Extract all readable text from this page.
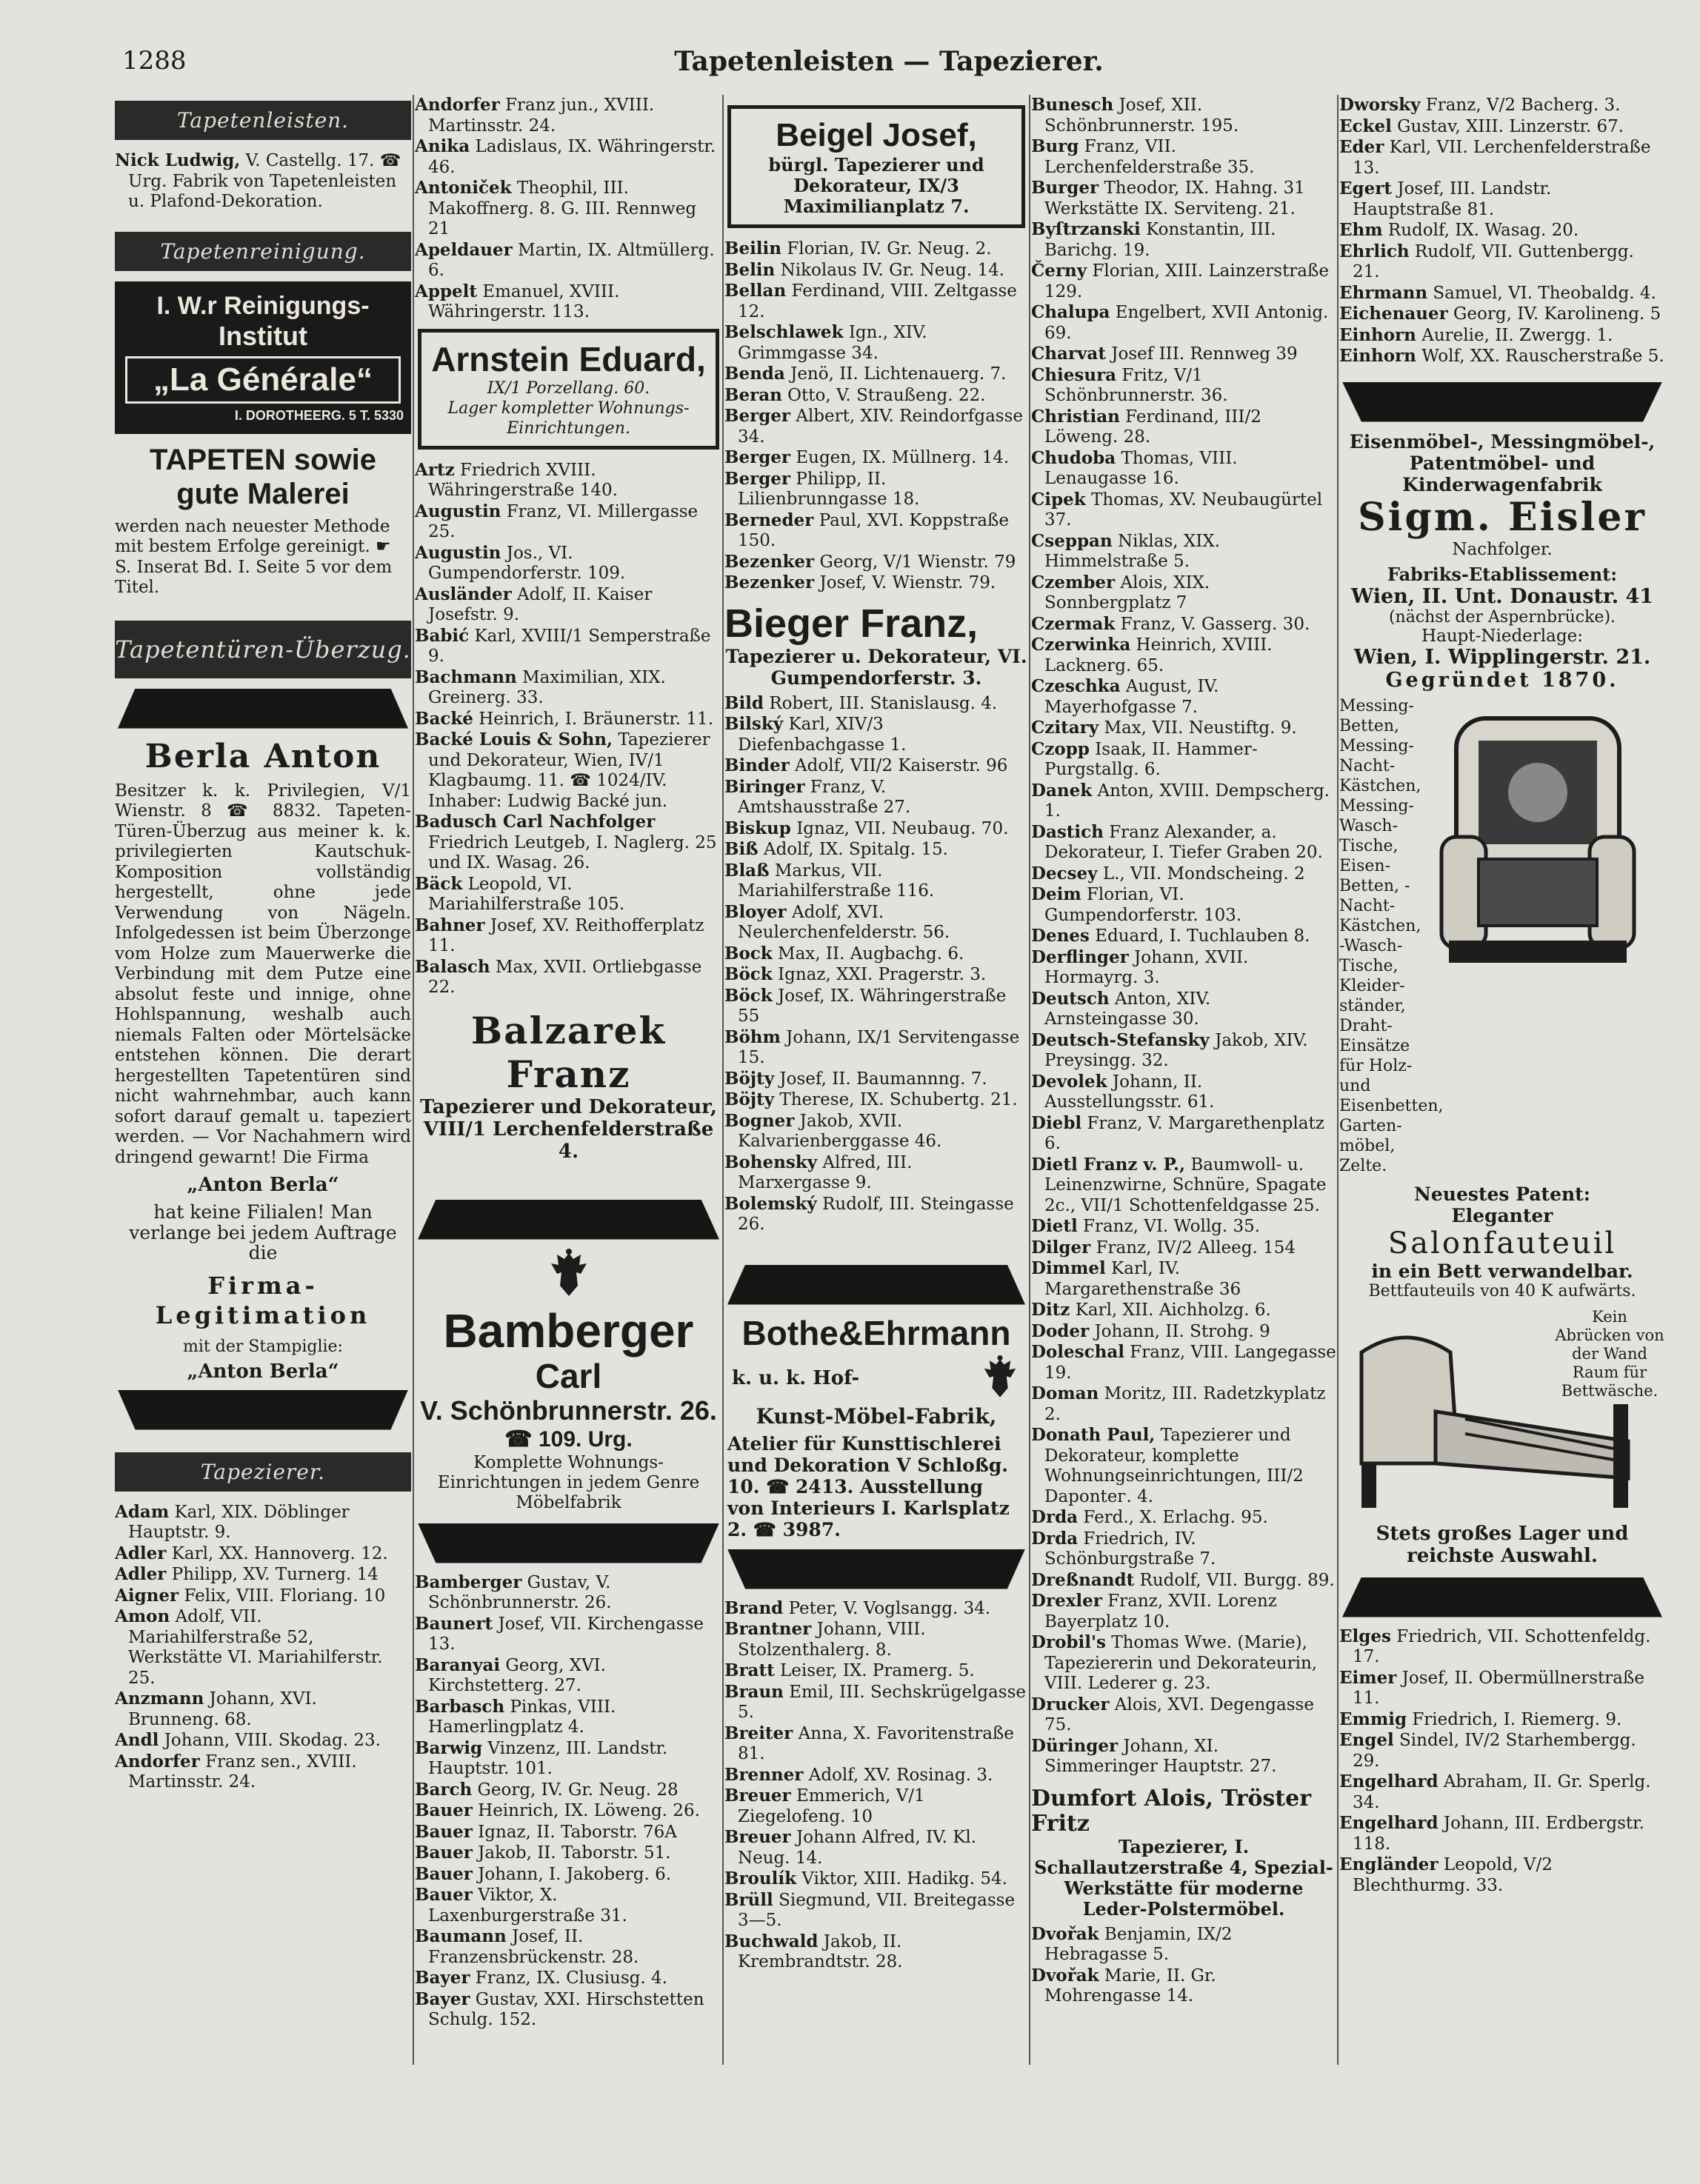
1288	Tapetenleisten — Tapezierer.
Tapetenleisten.

Nick Ludwig, V. Castellg. 17. ☎ Urg. Fabrik von Tapetenleisten u. Plafond-Dekoration.

Tapetenreinigung.
I. W.r Reinigungs-
Institut
„La Générale“
I. DOROTHEERG. 5 T. 5330
TAPETEN sowie gute Malerei

werden nach neuester Methode mit bestem Erfolge gereinigt. ☛ S. Inserat Bd. I. Seite 5 vor dem Titel.

Tapetentüren-Überzug.
Berla Anton

Besitzer k. k. Privilegien, V/1 Wienstr. 8 ☎ 8832. Tapeten-Türen-Überzug aus meiner k. k. privilegierten Kautschuk-Komposition vollständig hergestellt, ohne jede Verwendung von Nägeln. Infolgedessen ist beim Überzonge vom Holze zum Mauerwerke die Verbindung mit dem Putze eine absolut feste und innige, ohne Hohlspannung, weshalb auch niemals Falten oder Mörtelsäcke entstehen können. Die derart hergestellten Tapetentüren sind nicht wahrnehmbar, auch kann sofort darauf gemalt u. tapeziert werden. — Vor Nachahmern wird dringend gewarnt! Die Firma

„Anton Berla“

hat keine Filialen! Man verlange bei jedem Auftrage die

Firma-Legitimation
mit der Stampiglie:
„Anton Berla“
Tapezierer.

Adam Karl, XIX. Döblinger Hauptstr. 9.

Adler Karl, XX. Hannoverg. 12.

Adler Philipp, XV. Turnerg. 14

Aigner Felix, VIII. Floriang. 10

Amon Adolf, VII. Mariahilferstraße 52, Werkstätte VI. Mariahilferstr. 25.

Anzmann Johann, XVI. Brunneng. 68.

Andl Johann, VIII. Skodag. 23.

Andorfer Franz sen., XVIII. Martinsstr. 24.

Andorfer Franz jun., XVIII. Martinsstr. 24.

Anika Ladislaus, IX. Währingerstr. 46.

Antoniček Theophil, III. Makoffnerg. 8. G. III. Rennweg 21

Apeldauer Martin, IX. Altmüllerg. 6.

Appelt Emanuel, XVIII. Währingerstr. 113.

Arnstein Eduard,
IX/1 Porzellang. 60.
Lager kompletter Wohnungs-Einrichtungen.

Artz Friedrich XVIII. Währingerstraße 140.

Augustin Franz, VI. Millergasse 25.

Augustin Jos., VI. Gumpendorferstr. 109.

Ausländer Adolf, II. Kaiser Josefstr. 9.

Babić Karl, XVIII/1 Semperstraße 9.

Bachmann Maximilian, XIX. Greinerg. 33.

Backé Heinrich, I. Bräunerstr. 11.

Backé Louis & Sohn, Tapezierer und Dekorateur, Wien, IV/1 Klagbaumg. 11. ☎ 1024/IV. Inhaber: Ludwig Backé jun.

Badusch Carl Nachfolger Friedrich Leutgeb, I. Naglerg. 25 und IX. Wasag. 26.

Bäck Leopold, VI. Mariahilferstraße 105.

Bahner Josef, XV. Reithofferplatz 11.

Balasch Max, XVII. Ortliebgasse 22.

Balzarek Franz
Tapezierer und Dekorateur, VIII/1 Lerchenfelderstraße 4.
Bamberger
Carl
V. Schönbrunnerstr. 26.
☎ 109. Urg.
Komplette Wohnungs-Einrichtungen in jedem Genre Möbelfabrik

Bamberger Gustav, V. Schönbrunnerstr. 26.

Baunert Josef, VII. Kirchengasse 13.

Baranyai Georg, XVI. Kirchstetterg. 27.

Barbasch Pinkas, VIII. Hamerlingplatz 4.

Barwig Vinzenz, III. Landstr. Hauptstr. 101.

Barch Georg, IV. Gr. Neug. 28

Bauer Heinrich, IX. Löweng. 26.

Bauer Ignaz, II. Taborstr. 76A

Bauer Jakob, II. Taborstr. 51.

Bauer Johann, I. Jakoberg. 6.

Bauer Viktor, X. Laxenburgerstraße 31.

Baumann Josef, II. Franzensbrückenstr. 28.

Bayer Franz, IX. Clusiusg. 4.

Bayer Gustav, XXI. Hirschstetten Schulg. 152.

Beigel Josef,
bürgl. Tapezierer und Dekorateur, IX/3 Maximilianplatz 7.

Beilin Florian, IV. Gr. Neug. 2.

Belin Nikolaus IV. Gr. Neug. 14.

Bellan Ferdinand, VIII. Zeltgasse 12.

Belschlawek Ign., XIV. Grimmgasse 34.

Benda Jenö, II. Lichtenauerg. 7.

Beran Otto, V. Straußeng. 22.

Berger Albert, XIV. Reindorfgasse 34.

Berger Eugen, IX. Müllnerg. 14.

Berger Philipp, II. Lilienbrunngasse 18.

Berneder Paul, XVI. Koppstraße 150.

Bezenker Georg, V/1 Wienstr. 79

Bezenker Josef, V. Wienstr. 79.

Bieger Franz,
Tapezierer u. Dekorateur, VI. Gumpendorferstr. 3.

Bild Robert, III. Stanislausg. 4.

Bilský Karl, XIV/3 Diefenbachgasse 1.

Binder Adolf, VII/2 Kaiserstr. 96

Biringer Franz, V. Amtshausstraße 27.

Biskup Ignaz, VII. Neubaug. 70.

Biß Adolf, IX. Spitalg. 15.

Blaß Markus, VII. Mariahilferstraße 116.

Bloyer Adolf, XVI. Neulerchenfelderstr. 56.

Bock Max, II. Augbachg. 6.

Böck Ignaz, XXI. Pragerstr. 3.

Böck Josef, IX. Währingerstraße 55

Böhm Johann, IX/1 Servitengasse 15.

Böjty Josef, II. Baumannng. 7.

Böjty Therese, IX. Schubertg. 21.

Bogner Jakob, XVII. Kalvarienberggasse 46.

Bohensky Alfred, III. Marxergasse 9.

Bolemský Rudolf, III. Steingasse 26.

Bothe&Ehrmann
k. u. k. Hof-
Kunst-Möbel-Fabrik,
Atelier für Kunsttischlerei und Dekoration V Schloßg. 10. ☎ 2413. Ausstellung von Interieurs I. Karlsplatz 2. ☎ 3987.

Brand Peter, V. Voglsangg. 34.

Brantner Johann, VIII. Stolzenthalerg. 8.

Bratt Leiser, IX. Pramerg. 5.

Braun Emil, III. Sechskrügelgasse 5.

Breiter Anna, X. Favoritenstraße 81.

Brenner Adolf, XV. Rosinag. 3.

Breuer Emmerich, V/1 Ziegelofeng. 10

Breuer Johann Alfred, IV. Kl. Neug. 14.

Broulík Viktor, XIII. Hadikg. 54.

Brüll Siegmund, VII. Breitegasse 3—5.

Buchwald Jakob, II. Krembrandtstr. 28.

Bunesch Josef, XII. Schönbrunnerstr. 195.

Burg Franz, VII. Lerchenfelderstraße 35.

Burger Theodor, IX. Hahng. 31 Werkstätte IX. Serviteng. 21.

Byſtrzanski Konstantin, III. Barichg. 19.

Černy Florian, XIII. Lainzerstraße 129.

Chalupa Engelbert, XVII Antonig. 69.

Charvat Josef III. Rennweg 39

Chiesura Fritz, V/1 Schönbrunnerstr. 36.

Christian Ferdinand, III/2 Löweng. 28.

Chudoba Thomas, VIII. Lenaugasse 16.

Cipek Thomas, XV. Neubaugürtel 37.

Cseppan Niklas, XIX. Himmelstraße 5.

Czember Alois, XIX. Sonnbergplatz 7

Czermak Franz, V. Gasserg. 30.

Czerwinka Heinrich, XVIII. Lacknerg. 65.

Czeschka August, IV. Mayerhofgasse 7.

Czitary Max, VII. Neustiftg. 9.

Czopp Isaak, II. Hammer-Purgstallg. 6.

Danek Anton, XVIII. Dempscherg. 1.

Dastich Franz Alexander, a. Dekorateur, I. Tiefer Graben 20.

Decsey L., VII. Mondscheing. 2

Deim Florian, VI. Gumpendorferstr. 103.

Denes Eduard, I. Tuchlauben 8.

Derflinger Johann, XVII. Hormayrg. 3.

Deutsch Anton, XIV. Arnsteingasse 30.

Deutsch-Stefansky Jakob, XIV. Preysingg. 32.

Devolek Johann, II. Ausstellungsstr. 61.

Diebl Franz, V. Margarethenplatz 6.

Dietl Franz v. P., Baumwoll- u. Leinenzwirne, Schnüre, Spagate 2c., VII/1 Schottenfeldgasse 25.

Dietl Franz, VI. Wollg. 35.

Dilger Franz, IV/2 Alleeg. 154

Dimmel Karl, IV. Margarethenstraße 36

Ditz Karl, XII. Aichholzg. 6.

Doder Johann, II. Strohg. 9

Doleschal Franz, VIII. Langegasse 19.

Doman Moritz, III. Radetzkyplatz 2.

Donath Paul, Tapezierer und Dekorateur, komplette Wohnungseinrichtungen, III/2 Dapontег. 4.

Drda Ferd., X. Erlachg. 95.

Drda Friedrich, IV. Schönburgstraße 7.

Dreßnandt Rudolf, VII. Burgg. 89.

Drexler Franz, XVII. Lorenz Bayerplatz 10.

Drobil's Thomas Wwe. (Marie), Tapeziererin und Dekoratеurin, VIII. Lederer g. 23.

Drucker Alois, XVI. Degengasse 75.

Düringer Johann, XI. Simmeringer Hauptstr. 27.

Dumfort Alois, Tröster Fritz
Tapezierer, I. Schallautzerstraße 4, Spezial-Werkstätte für moderne Leder-Polstermöbel.

Dvořak Benjamin, IX/2 Hebragasse 5.

Dvořak Marie, II. Gr. Mohrengasse 14.

Dworsky Franz, V/2 Bacherg. 3.

Eckel Gustav, XIII. Linzerstr. 67.

Eder Karl, VII. Lerchenfelderstraße 13.

Egert Josef, III. Landstr. Hauptstraße 81.

Ehm Rudolf, IX. Wasag. 20.

Ehrlich Rudolf, VII. Guttenbergg. 21.

Ehrmann Samuel, VI. Theobaldg. 4.

Eichenauer Georg, IV. Karolineng. 5

Einhorn Aurelie, II. Zwergg. 1.

Einhorn Wolf, XX. Rauscherstraße 5.

Eisenmöbel-, Messingmöbel-, Patentmöbel- und Kinderwagenfabrik
Sigm. Eisler
Nachfolger.
Fabriks-Etablissement:
Wien, II. Unt. Donaustr. 41
(nächst der Aspernbrücke).
Haupt-Niederlage:
Wien, I. Wipplingerstr. 21.
Gegründet 1870.
Messing-Betten, Messing-Nacht-Kästchen, Messing-Wasch-Tische, Eisen-Betten, -Nacht-Kästchen, -Wasch-Tische, Kleider-ständer, Draht-Einsätze für Holz- und Eisenbetten, Garten-möbel, Zelte.
Neuestes Patent:
Eleganter
Salonfauteuil
in ein Bett verwandelbar.
Bettfauteuils von 40 K aufwärts.
Kein Abrücken von der Wand Raum für Bettwäsche.
Stets großes Lager und reichste Auswahl.

Elges Friedrich, VII. Schottenfeldg. 17.

Eimer Josef, II. Obermüllnerstraße 11.

Emmig Friedrich, I. Riemerg. 9.

Engel Sindel, IV/2 Starhembergg. 29.

Engelhard Abraham, II. Gr. Sperlg. 34.

Engelhard Johann, III. Erdbergstr. 118.

Engländer Leopold, V/2 Blechthurmg. 33.
